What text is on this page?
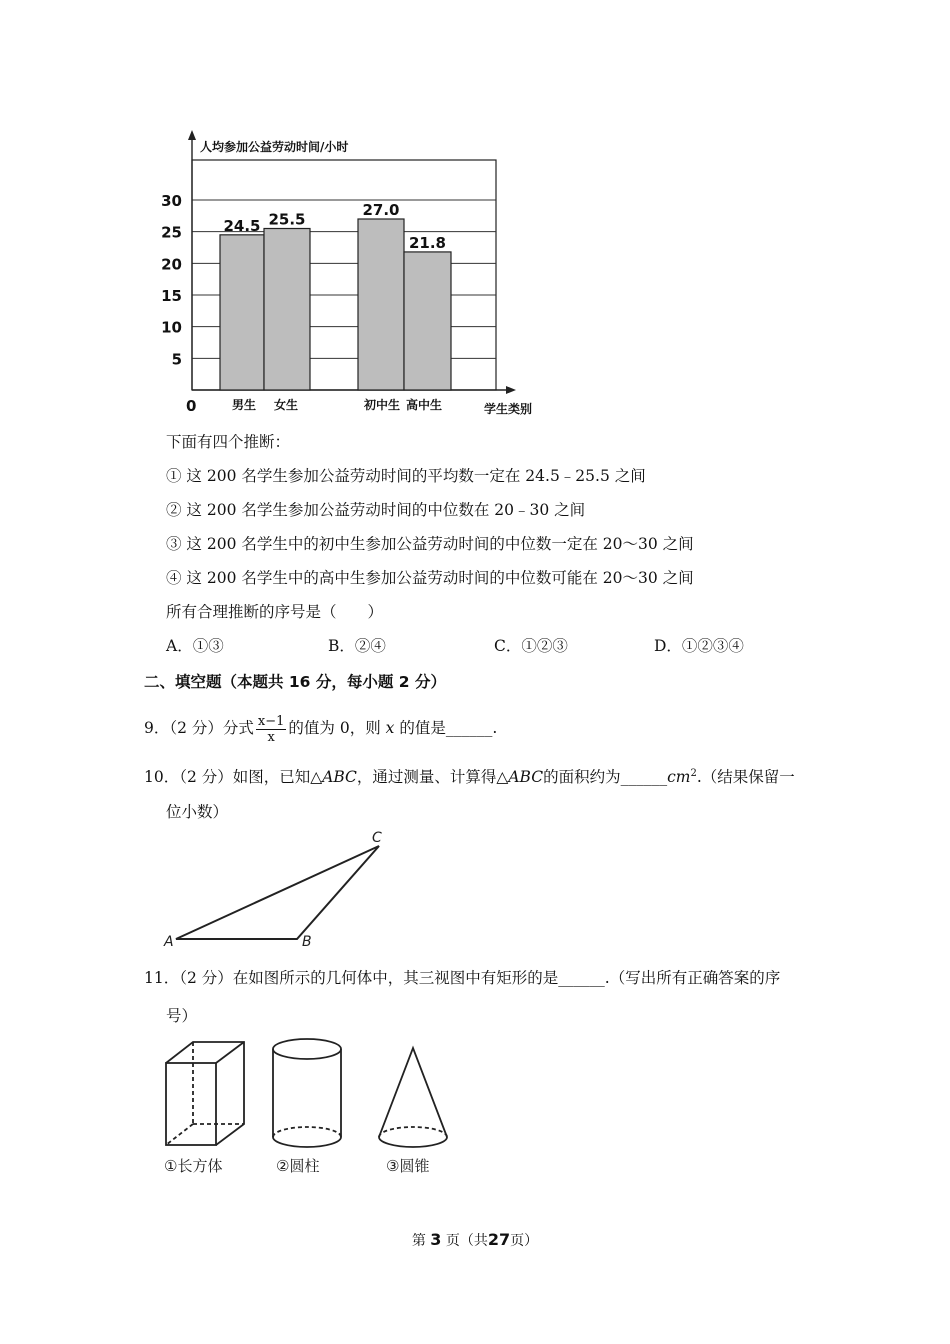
5
10
15
20
25
30
人均参加公益劳动时间/小时
学生类别
0
24.5
男生
25.5
女生
27.0
初中生
21.8
高中生
下面有四个推断：
① 这 200 名学生参加公益劳动时间的平均数一定在 24.5﹣25.5 之间
② 这 200 名学生参加公益劳动时间的中位数在 20﹣30 之间
③ 这 200 名学生中的初中生参加公益劳动时间的中位数一定在 20～30 之间
④ 这 200 名学生中的高中生参加公益劳动时间的中位数可能在 20～30 之间
所有合理推断的序号是（　　）
A．①③	B．②④	C．①②③	D．①②③④
二、填空题（本题共 16 分，每小题 2 分）
9．（2 分）分式 $\frac{x-1}{x}$ 的值为 0，则 x 的值是______.
10．（2 分）如图，已知△ABC，通过测量、计算得△ABC的面积约为$\_\_\_\_\_\_cm^2$.（结果保留一
位小数）
A	B
C
11．（2 分）在如图所示的几何体中，其三视图中有矩形的是______.（写出所有正确答案的序
号）
①长方体	②圆柱	③圆锥
第 3 页（共27页）
